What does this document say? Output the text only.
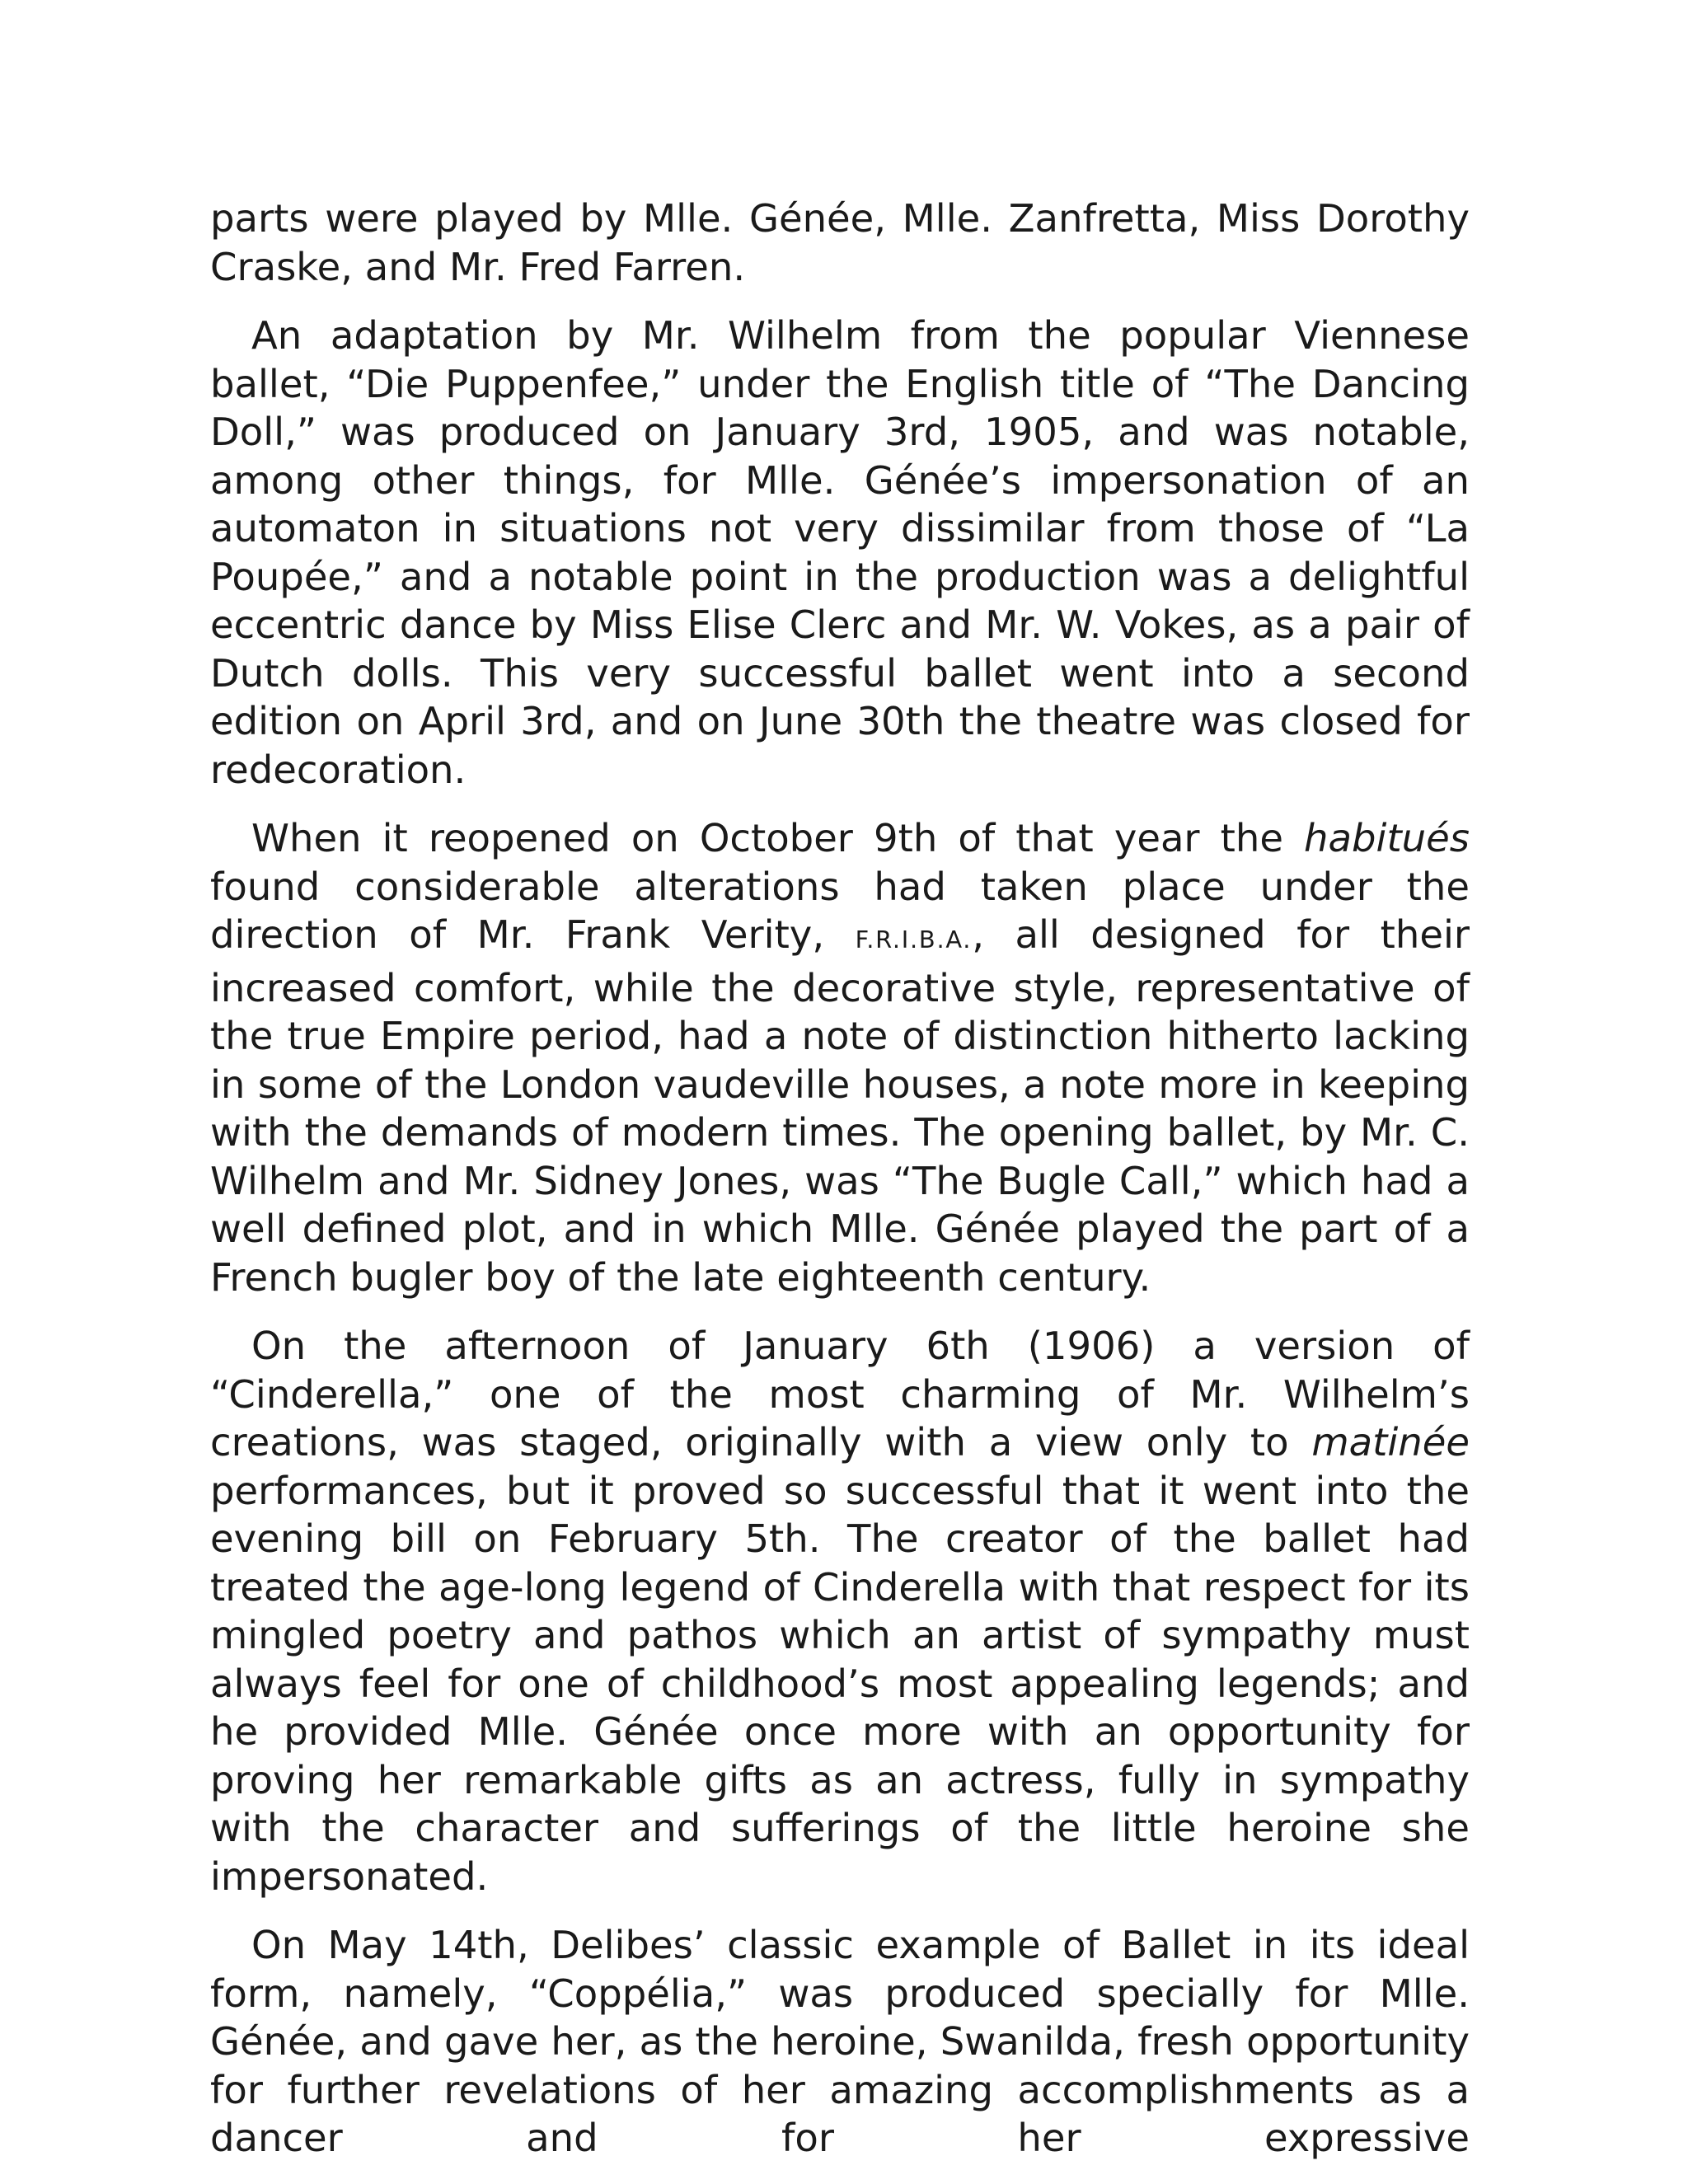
parts were played by Mlle. Génée, Mlle. Zanfretta, Miss Dorothy Craske, and Mr. Fred Farren.

An adaptation by Mr. Wilhelm from the popular Viennese ballet, “Die Puppenfee,” under the English title of “The Dancing Doll,” was produced on January 3rd, 1905, and was notable, among other things, for Mlle. Génée’s impersonation of an automaton in situations not very dissimilar from those of “La Poupée,” and a notable point in the production was a delightful eccentric dance by Miss Elise Clerc and Mr. W. Vokes, as a pair of Dutch dolls. This very successful ballet went into a second edition on April 3rd, and on June 30th the theatre was closed for redecoration.

When it reopened on October 9th of that year the habitués found considerable alterations had taken place under the direction of Mr. Frank Verity, F.R.I.B.A., all designed for their increased comfort, while the decorative style, representative of the true Empire period, had a note of distinction hitherto lacking in some of the London vaudeville houses, a note more in keeping with the demands of modern times. The opening ballet, by Mr. C. Wilhelm and Mr. Sidney Jones, was “The Bugle Call,” which had a well defined plot, and in which Mlle. Génée played the part of a French bugler boy of the late eighteenth century.

On the afternoon of January 6th (1906) a version of “Cinderella,” one of the most charming of Mr. Wilhelm’s creations, was staged, originally with a view only to matinée performances, but it proved so successful that it went into the evening bill on February 5th. The creator of the ballet had treated the age-long legend of Cinderella with that respect for its mingled poetry and pathos which an artist of sympathy must always feel for one of childhood’s most appealing legends; and he provided Mlle. Génée once more with an opportunity for proving her remarkable gifts as an actress, fully in sympathy with the character and sufferings of the little heroine she impersonated.

On May 14th, Delibes’ classic example of Ballet in its ideal form, namely, “Coppélia,” was produced specially for Mlle. Génée, and gave her, as the heroine, Swanilda, fresh opportunity for further revelations of her amazing accomplishments as a dancer and for her expressive
